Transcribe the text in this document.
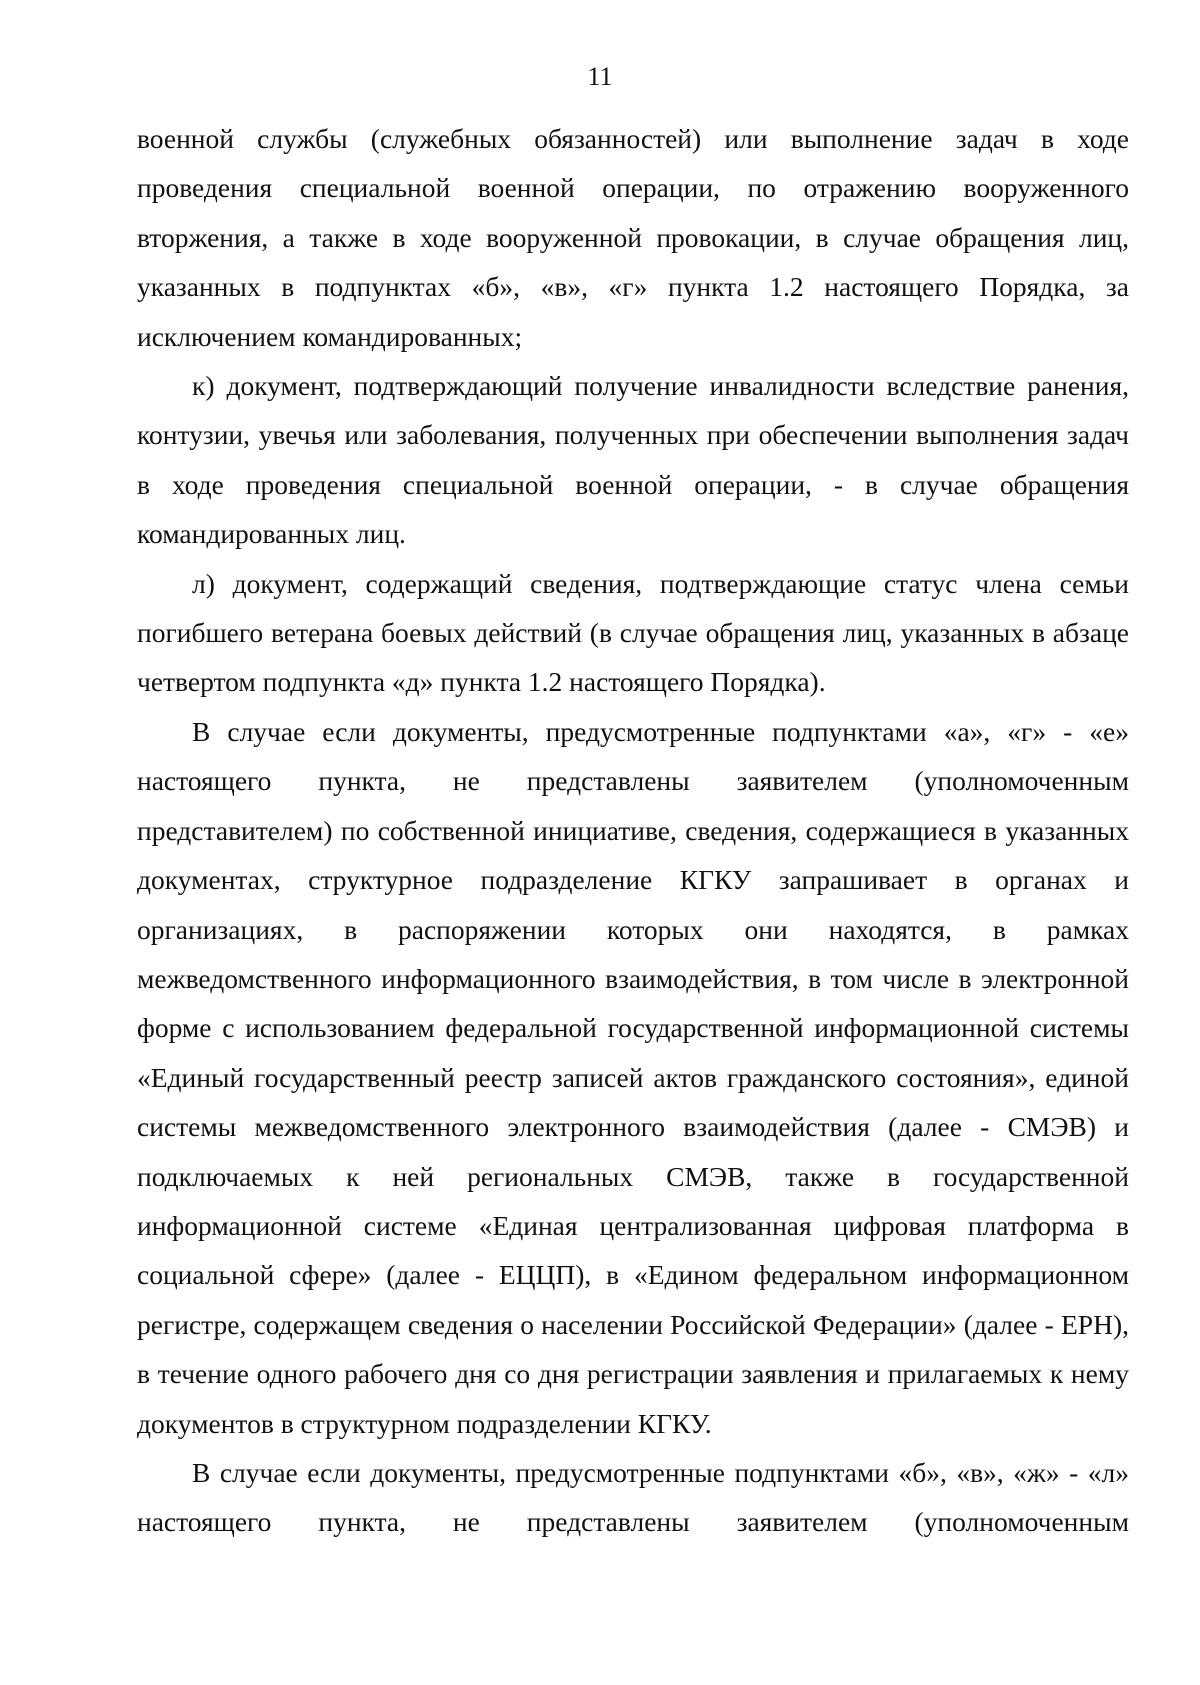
11

военной службы (служебных обязанностей) или выполнение задач в ходе проведения специальной военной операции, по отражению вооруженного вторжения, а также в ходе вооруженной провокации, в случае обращения лиц, указанных в подпунктах «б», «в», «г» пункта 1.2 настоящего Порядка, за исключением командированных;

к) документ, подтверждающий получение инвалидности вследствие ранения, контузии, увечья или заболевания, полученных при обеспечении выполнения задач в ходе проведения специальной военной операции, - в случае обращения командированных лиц.

л) документ, содержащий сведения, подтверждающие статус члена семьи погибшего ветерана боевых действий (в случае обращения лиц, указанных в абзаце четвертом подпункта «д» пункта 1.2 настоящего Порядка).

В случае если документы, предусмотренные подпунктами «а», «г» - «е» настоящего пункта, не представлены заявителем (уполномоченным представителем) по собственной инициативе, сведения, содержащиеся в указанных документах, структурное подразделение КГКУ запрашивает в органах и организациях, в распоряжении которых они находятся, в рамках межведомственного информационного взаимодействия, в том числе в электронной форме с использованием федеральной государственной информационной системы «Единый государственный реестр записей актов гражданского состояния», единой системы межведомственного электронного взаимодействия (далее - СМЭВ) и подключаемых к ней региональных СМЭВ, также в государственной информационной системе «Единая централизованная цифровая платформа в социальной сфере» (далее - ЕЦЦП), в «Едином федеральном информационном регистре, содержащем сведения о населении Российской Федерации» (далее - ЕРН), в течение одного рабочего дня со дня регистрации заявления и прилагаемых к нему документов в структурном подразделении КГКУ.

В случае если документы, предусмотренные подпунктами «б», «в», «ж» - «л» настоящего пункта, не представлены заявителем (уполномоченным
